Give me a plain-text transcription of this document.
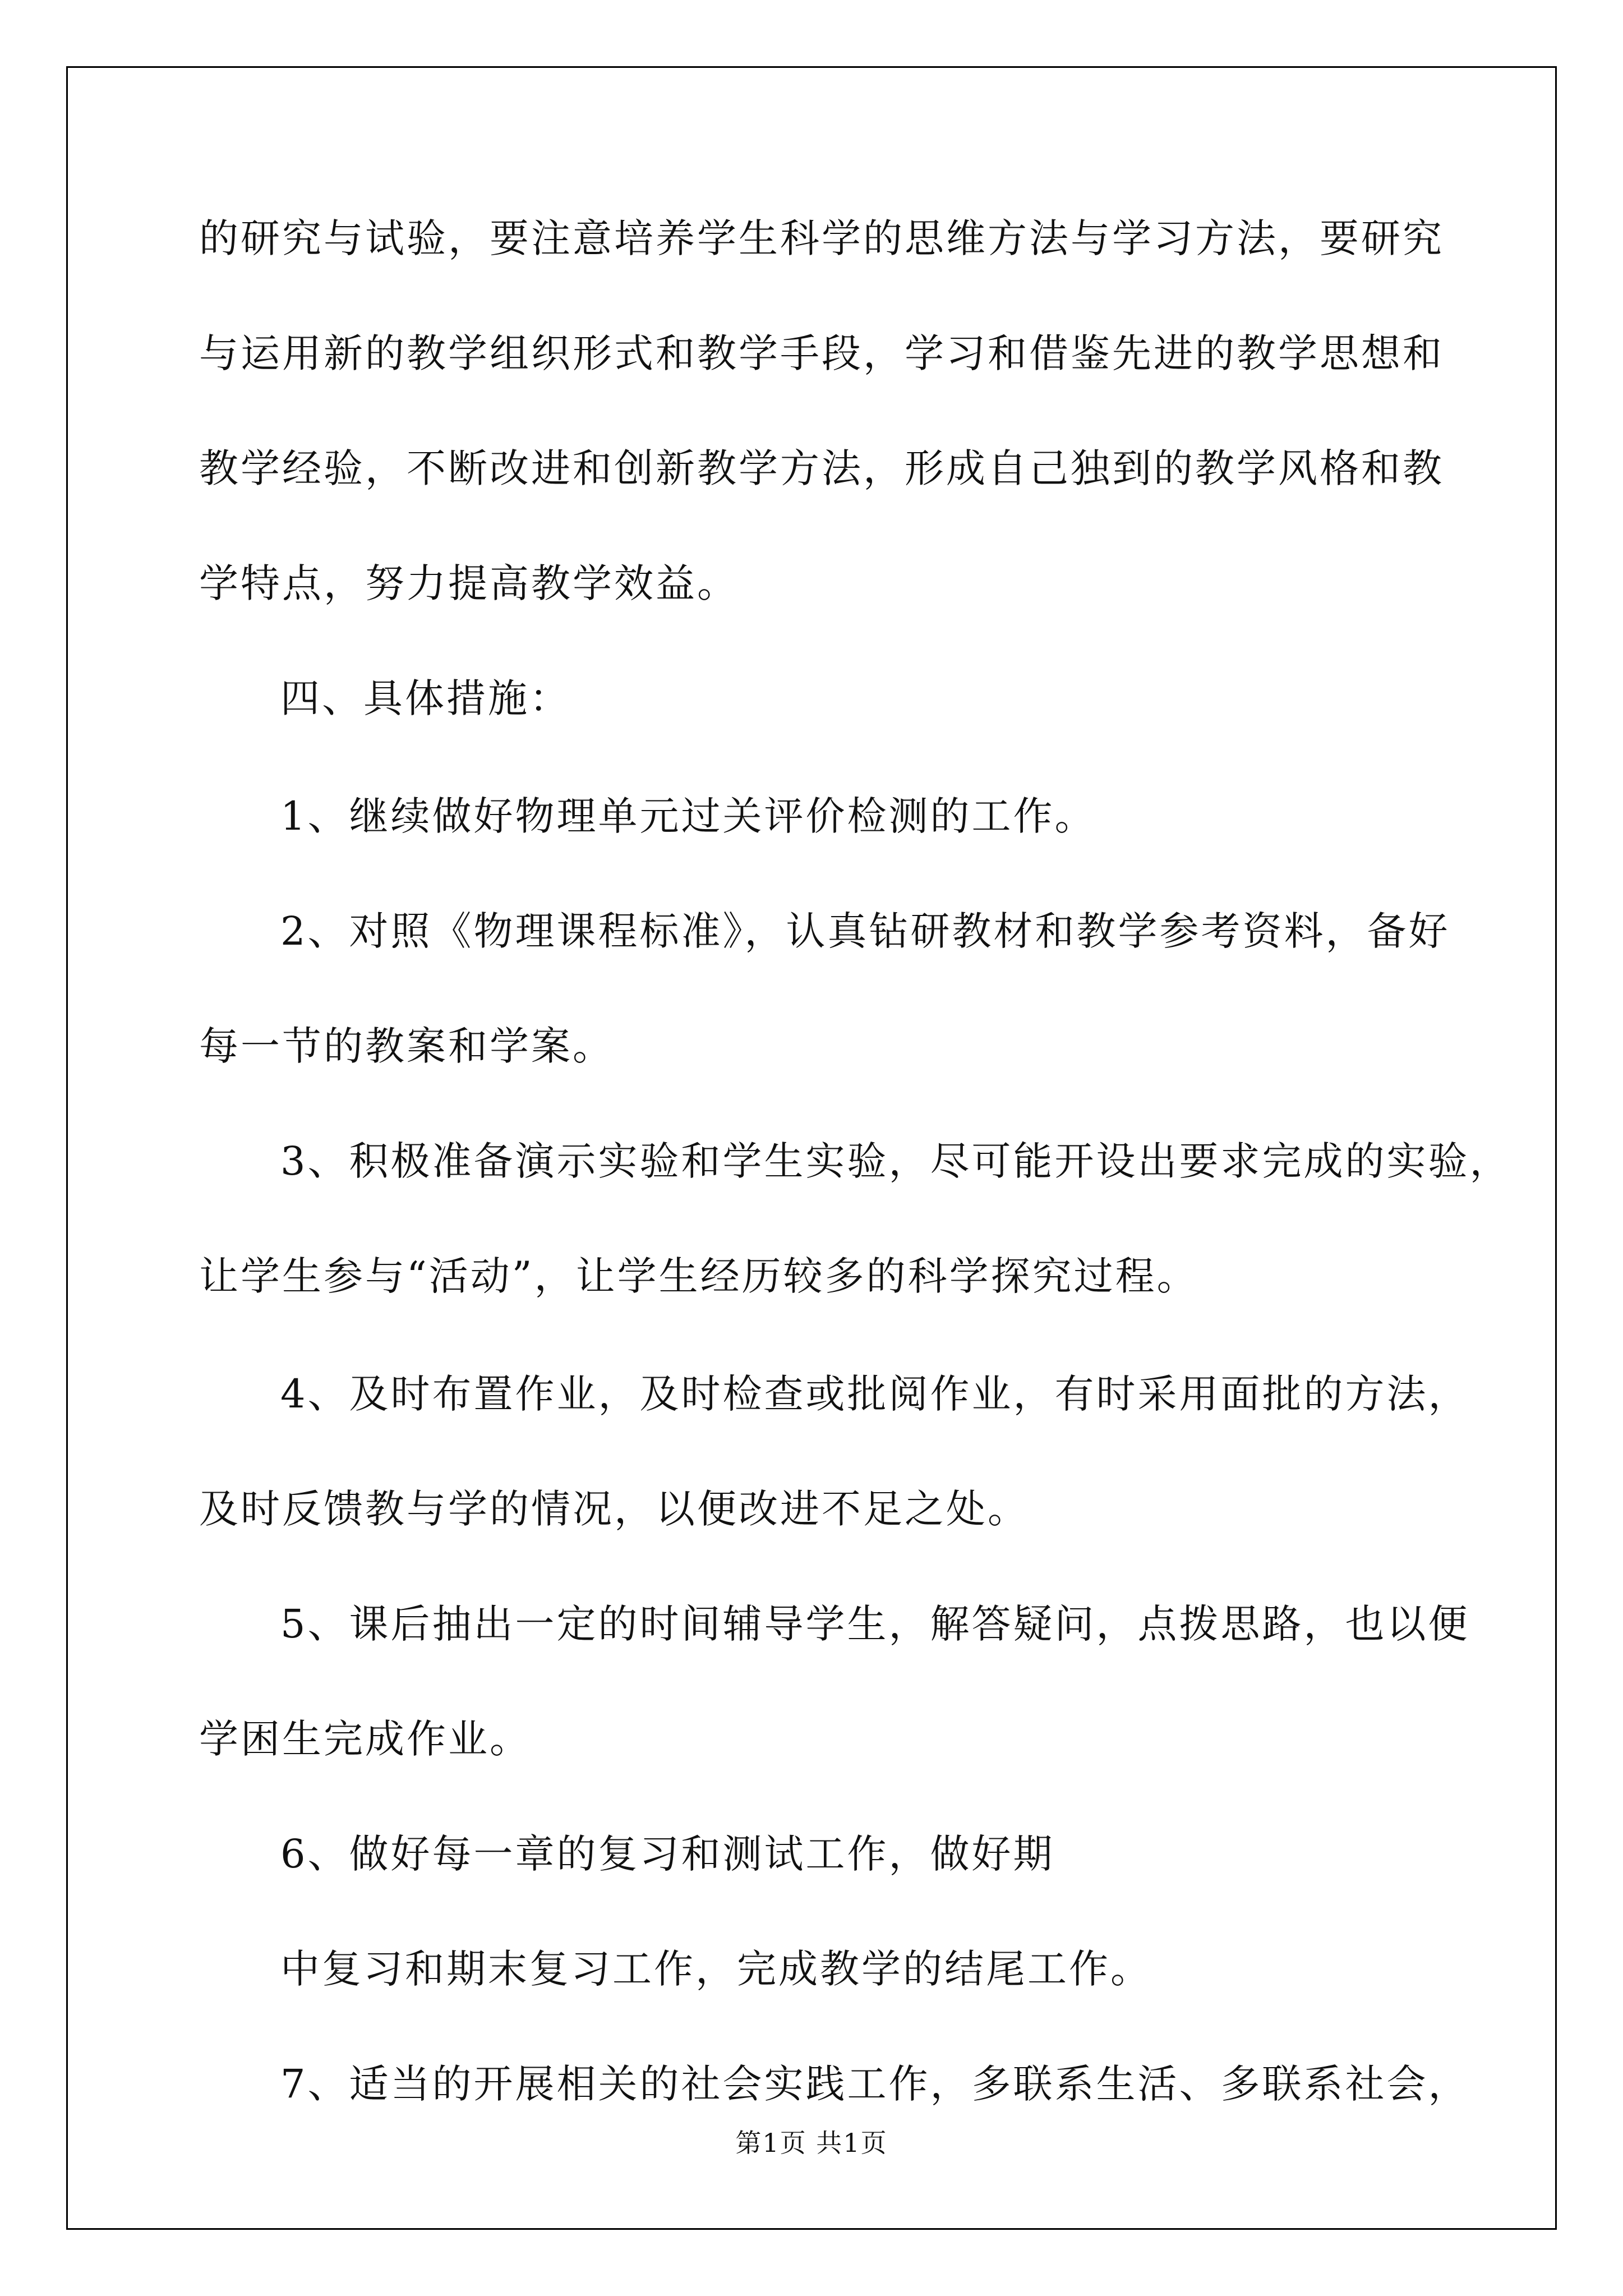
的研究与试验，要注意培养学生科学的思维方法与学习方法，要研究
与运用新的教学组织形式和教学手段，学习和借鉴先进的教学思想和
教学经验，不断改进和创新教学方法，形成自己独到的教学风格和教
学特点，努力提高教学效益。
四、具体措施：
1、继续做好物理单元过关评价检测的工作。
2、对照《物理课程标准》，认真钻研教材和教学参考资料，备好
每一节的教案和学案。
3、积极准备演示实验和学生实验，尽可能开设出要求完成的实验，
让学生参与“活动”，让学生经历较多的科学探究过程。
4、及时布置作业，及时检查或批阅作业，有时采用面批的方法，
及时反馈教与学的情况，以便改进不足之处。
5、课后抽出一定的时间辅导学生，解答疑问，点拨思路，也以便
学困生完成作业。
6、做好每一章的复习和测试工作，做好期
中复习和期末复习工作，完成教学的结尾工作。
7、适当的开展相关的社会实践工作，多联系生活、多联系社会，
第1页 共1页
